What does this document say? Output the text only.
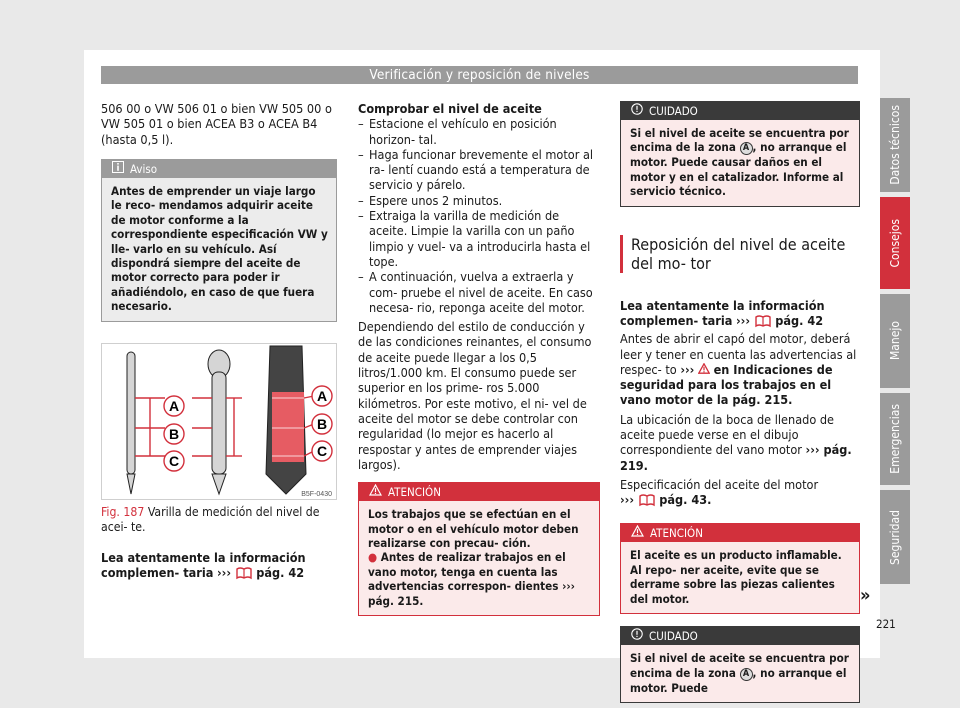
Verificación y reposición de niveles

506 00 o VW 506 01 o bien VW 505 00 o VW 505 01 o bien ACEA B3 o ACEA B4 (hasta 0,5 l).

Aviso
Antes de emprender un viaje largo le reco- mendamos adquirir aceite de motor conforme a la correspondiente especificación VW y lle- varlo en su vehículo. Así dispondrá siempre del aceite de motor correcto para poder ir añadiéndolo, en caso de que fuera necesario.
A
B
C
A
B
C
B5F-0430
Fig. 187 Varilla de medición del nivel de acei- te.
Lea atentamente la información complemen- taria ››› pág. 42

Comprobar el nivel de aceite

– Estacione el vehículo en posición horizon- tal.
– Haga funcionar brevemente el motor al ra- lentí cuando está a temperatura de servicio y párelo.
– Espere unos 2 minutos.
– Extraiga la varilla de medición de aceite. Limpie la varilla con un paño limpio y vuel- va a introducirla hasta el tope.
– A continuación, vuelva a extraerla y com- pruebe el nivel de aceite. En caso necesa- rio, reponga aceite del motor.

Dependiendo del estilo de conducción y de las condiciones reinantes, el consumo de aceite puede llegar a los 0,5 litros/1.000 km. El consumo puede ser superior en los prime- ros 5.000 kilómetros. Por este motivo, el ni- vel de aceite del motor se debe controlar con regularidad (lo mejor es hacerlo al respostar y antes de emprender viajes largos).

ATENCIÓN
Los trabajos que se efectúan en el motor o en el vehículo motor deben realizarse con precau- ción.
● Antes de realizar trabajos en el vano motor, tenga en cuenta las advertencias correspon- dientes ››› pág. 215.
CUIDADO
Si el nivel de aceite se encuentra por encima de la zona A , no arranque el motor. Puede causar daños en el motor y en el catalizador. Informe al servicio técnico.
Reposición del nivel de aceite del mo- tor

Lea atentamente la información complemen- taria ››› pág. 42

Antes de abrir el capó del motor, deberá leer y tener en cuenta las advertencias al respec- to ››› en Indicaciones de seguridad para los trabajos en el vano motor de la pág. 215.

La ubicación de la boca de llenado de aceite puede verse en el dibujo correspondiente del vano motor ››› pág. 219.

Especificación del aceite del motor
››› pág. 43.

ATENCIÓN
El aceite es un producto inflamable. Al repo- ner aceite, evite que se derrame sobre las piezas calientes del motor.
CUIDADO
Si el nivel de aceite se encuentra por encima de la zona A , no arranque el motor. Puede
»
Datos técnicos
Consejos
Manejo
Emergencias
Seguridad
221
